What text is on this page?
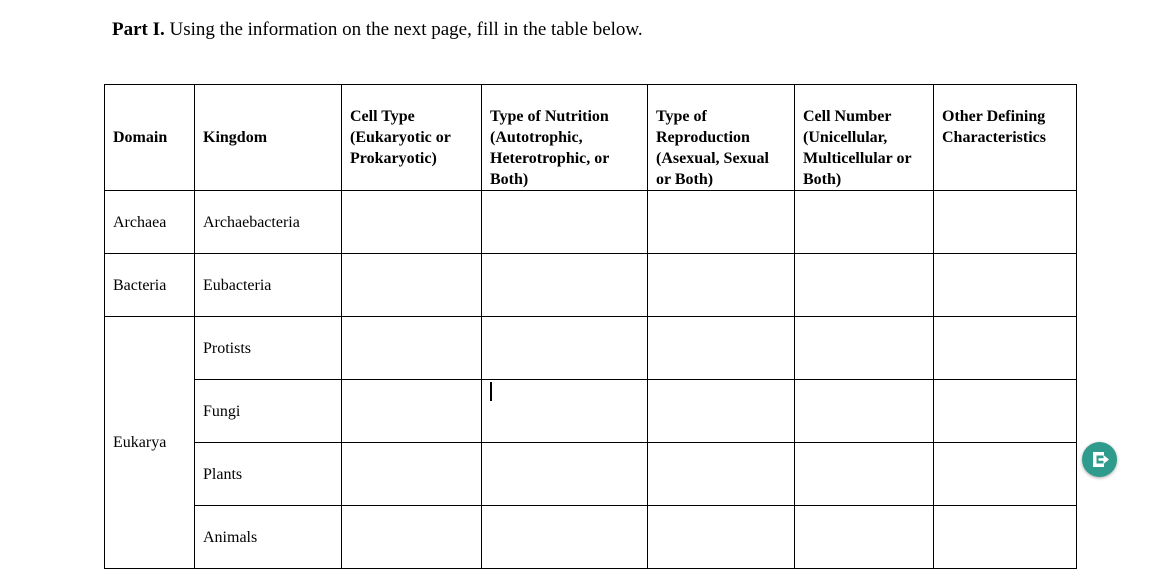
Part I. Using the information on the next page, fill in the table below.
Domain	Kingdom	Cell Type (Eukaryotic or Prokaryotic)	Type of Nutrition (Autotrophic, Heterotrophic, or Both)	Type of Reproduction (Asexual, Sexual or Both)	Cell Number (Unicellular, Multicellular or Both)	Other Defining Characteristics
Archaea	Archaebacteria					
Bacteria	Eubacteria					
Eukarya	Protists					
	Fungi		

	Plants					
	Animals					
